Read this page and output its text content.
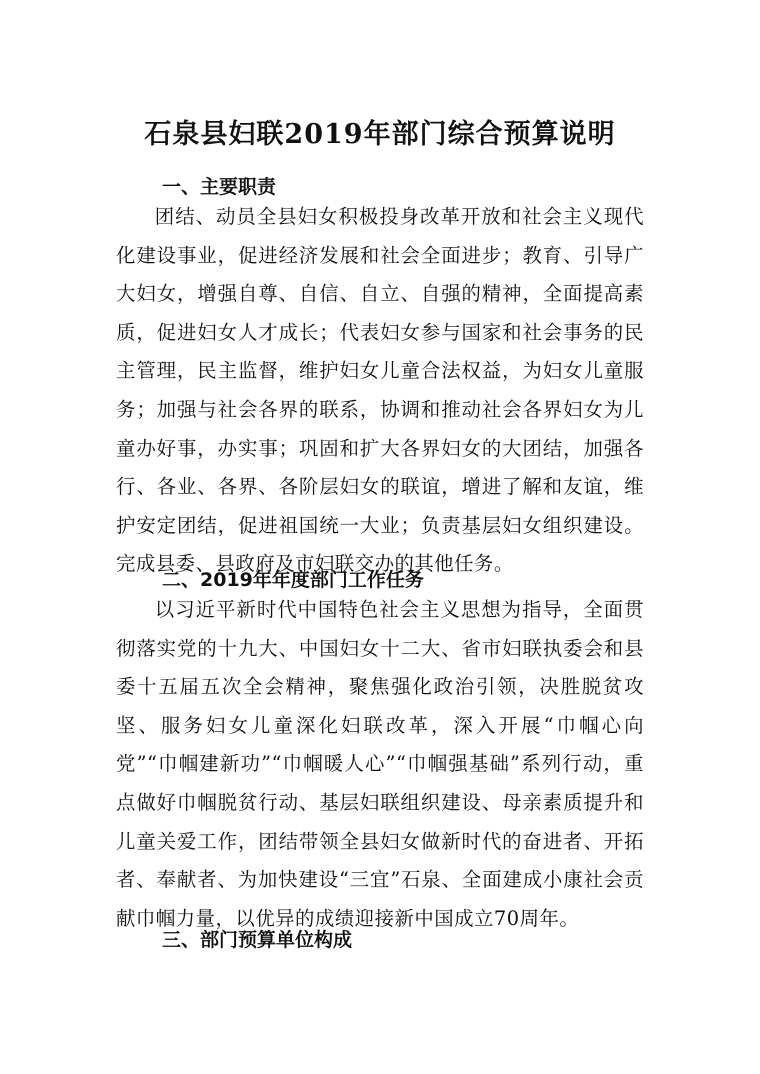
石泉县妇联2019年部门综合预算说明
一、主要职责

团结、动员全县妇女积极投身改革开放和社会主义现代化建设事业，促进经济发展和社会全面进步；教育、引导广大妇女，增强自尊、自信、自立、自强的精神，全面提高素质，促进妇女人才成长；代表妇女参与国家和社会事务的民主管理，民主监督，维护妇女儿童合法权益，为妇女儿童服务；加强与社会各界的联系，协调和推动社会各界妇女为儿童办好事，办实事；巩固和扩大各界妇女的大团结，加强各行、各业、各界、各阶层妇女的联谊，增进了解和友谊，维护安定团结，促进祖国统一大业；负责基层妇女组织建设。完成县委、县政府及市妇联交办的其他任务。

二、2019年年度部门工作任务

以习近平新时代中国特色社会主义思想为指导，全面贯彻落实党的十九大、中国妇女十二大、省市妇联执委会和县委十五届五次全会精神，聚焦强化政治引领，决胜脱贫攻坚、服务妇女儿童深化妇联改革，深入开展“巾帼心向党”“巾帼建新功”“巾帼暖人心”“巾帼强基础”系列行动，重点做好巾帼脱贫行动、基层妇联组织建设、母亲素质提升和儿童关爱工作，团结带领全县妇女做新时代的奋进者、开拓者、奉献者、为加快建设“三宜”石泉、全面建成小康社会贡献巾帼力量，以优异的成绩迎接新中国成立70周年。

三、部门预算单位构成
